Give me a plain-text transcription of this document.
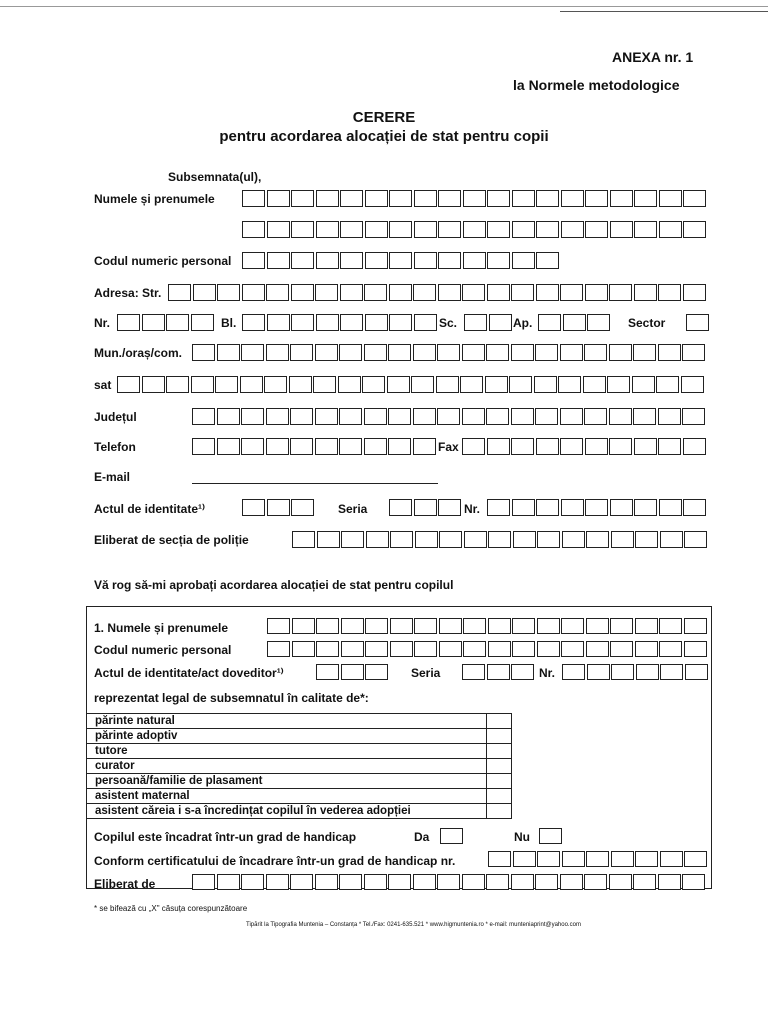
ANEXA nr. 1
la Normele metodologice
CERERE
pentru acordarea alocației de stat pentru copii
Subsemnata(ul),
Numele și prenumele
Codul numeric personal
Adresa: Str.
Nr.	Bl.	Sc.	Ap.	Sector
Mun./oraș/com.
sat
Județul
Telefon	Fax
E-mail
Actul de identitate¹⁾	Seria	Nr.
Eliberat de secția de poliție
Vă rog să-mi aprobați acordarea alocației de stat pentru copilul
1. Numele și prenumele
Codul numeric personal
Actul de identitate/act doveditor¹⁾	Seria	Nr.
reprezentat legal de subsemnatul în calitate de*:
părinte natural	
părinte adoptiv	
tutore	
curator	
persoană/familie de plasament	
asistent maternal	
asistent căreia i s-a încredințat copilul în vederea adopției	
Copilul este încadrat într-un grad de handicap	Da	Nu
Conform certificatului de încadrare într-un grad de handicap nr.
Eliberat de
* se bifează cu „X" căsuța corespunzătoare
Tipărit la Tipografia Muntenia – Constanța * Tel./Fax: 0241-635.521 * www.higmuntenia.ro * e-mail: munteniaprint@yahoo.com
